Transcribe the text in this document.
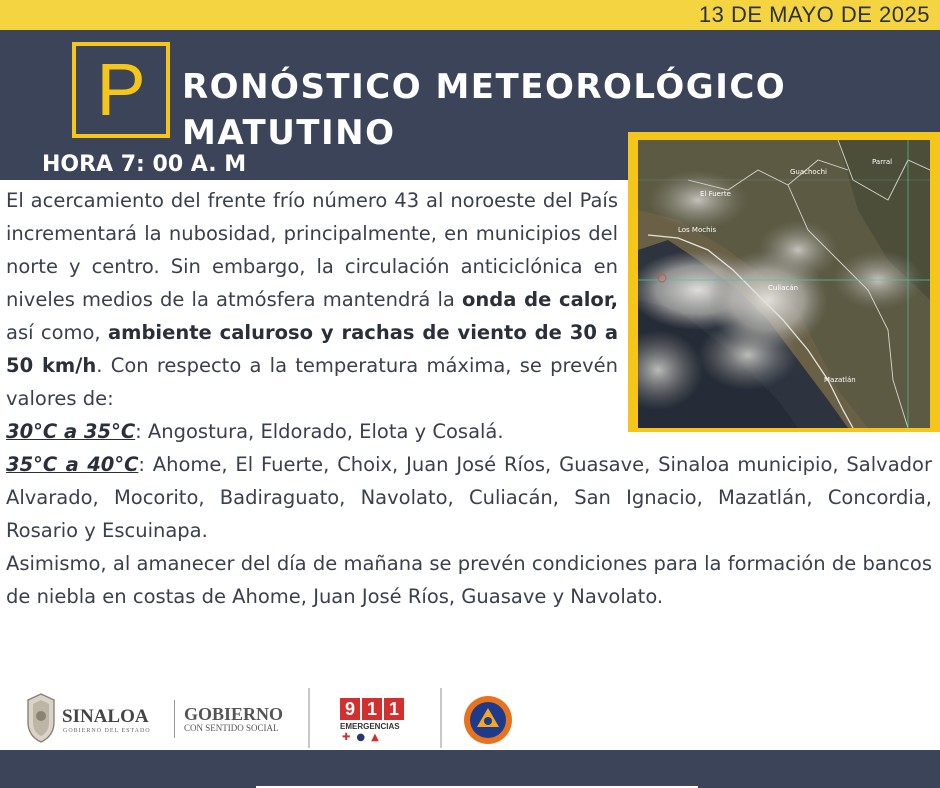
13 DE MAYO DE 2025
P	RONÓSTICO METEOROLÓGICO
MATUTINO
HORA 7: 00 A. M	Guachochi
Parral
El Fuerte
Los Mochis
Culiacán
Mazatlán

El acercamiento del frente frío número 43 al noroeste del País incrementará la nubosidad, principalmente, en municipios del norte y centro. Sin embargo, la circulación anticiclónica en niveles medios de la atmósfera mantendrá la onda de calor, así como, ambiente caluroso y rachas de viento de 30 a 50 km/h. Con respecto a la temperatura máxima, se prevén valores de:

30°C a 35°C: Angostura, Eldorado, Elota y Cosalá.

35°C a 40°C: Ahome, El Fuerte, Choix, Juan José Ríos, Guasave, Sinaloa municipio, Salvador Alvarado, Mocorito, Badiraguato, Navolato, Culiacán, San Ignacio, Mazatlán, Concordia, Rosario y Escuinapa.

Asimismo, al amanecer del día de mañana se prevén condiciones para la formación de bancos de niebla en costas de Ahome, Juan José Ríos, Guasave y Navolato.

SINALOA
GOBIERNO DEL ESTADO
GOBIERNO
CON SENTIDO SOCIAL
9 1 1
EMERGENCIAS
✚●▲
